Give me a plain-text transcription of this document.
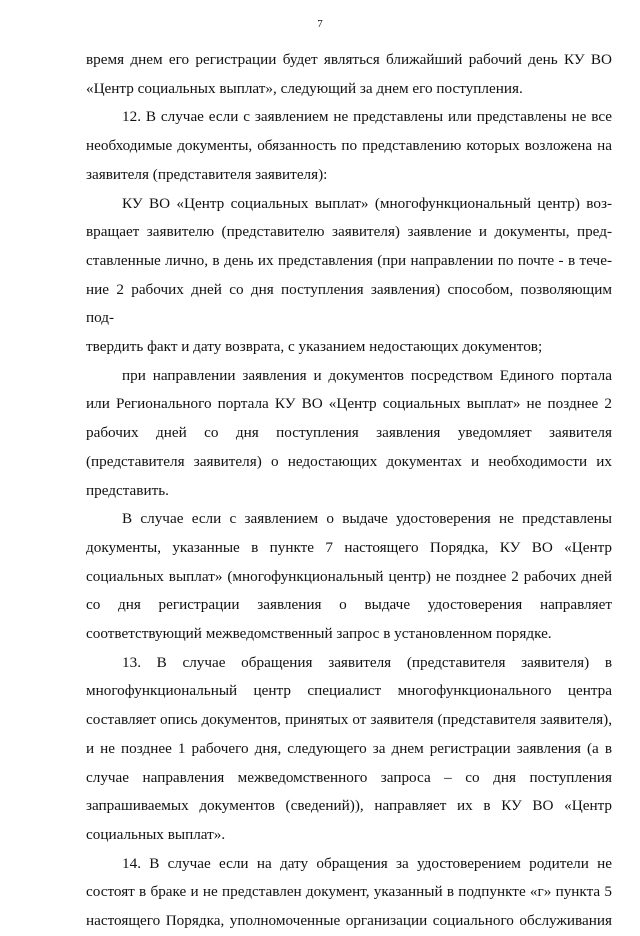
7

время днем его регистрации будет являться ближайший рабочий день КУ ВО
«Центр социальных выплат», следующий за днем его поступления.

12. В случае если с заявлением не представлены или представлены не все
необходимые документы, обязанность по представлению которых возложена на
заявителя (представителя заявителя):

КУ ВО «Центр социальных выплат» (многофункциональный центр) воз-
вращает заявителю (представителю заявителя) заявление и документы, пред-
ставленные лично, в день их представления (при направлении по почте - в тече-
ние 2 рабочих дней со дня поступления заявления) способом, позволяющим под-
твердить факт и дату возврата, с указанием недостающих документов;

при направлении заявления и документов посредством Единого портала
или Регионального портала КУ ВО «Центр социальных выплат» не позднее 2
рабочих дней со дня поступления заявления уведомляет заявителя
(представителя заявителя) о недостающих документах и необходимости их
представить.

В случае если с заявлением о выдаче удостоверения не представлены
документы, указанные в пункте 7 настоящего Порядка, КУ ВО «Центр
социальных выплат» (многофункциональный центр) не позднее 2 рабочих дней
со дня регистрации заявления о выдаче удостоверения направляет
соответствующий межведомственный запрос в установленном порядке.

13. В случае обращения заявителя (представителя заявителя) в
многофункциональный центр специалист многофункционального центра
составляет опись документов, принятых от заявителя (представителя заявителя),
и не позднее 1 рабочего дня, следующего за днем регистрации заявления (а в
случае направления межведомственного запроса – со дня поступления
запрашиваемых документов (сведений)), направляет их в КУ ВО «Центр
социальных выплат».

14. В случае если на дату обращения за удостоверением родители не
состоят в браке и не представлен документ, указанный в подпункте «г» пункта 5
настоящего Порядка, уполномоченные организации социального обслуживания
